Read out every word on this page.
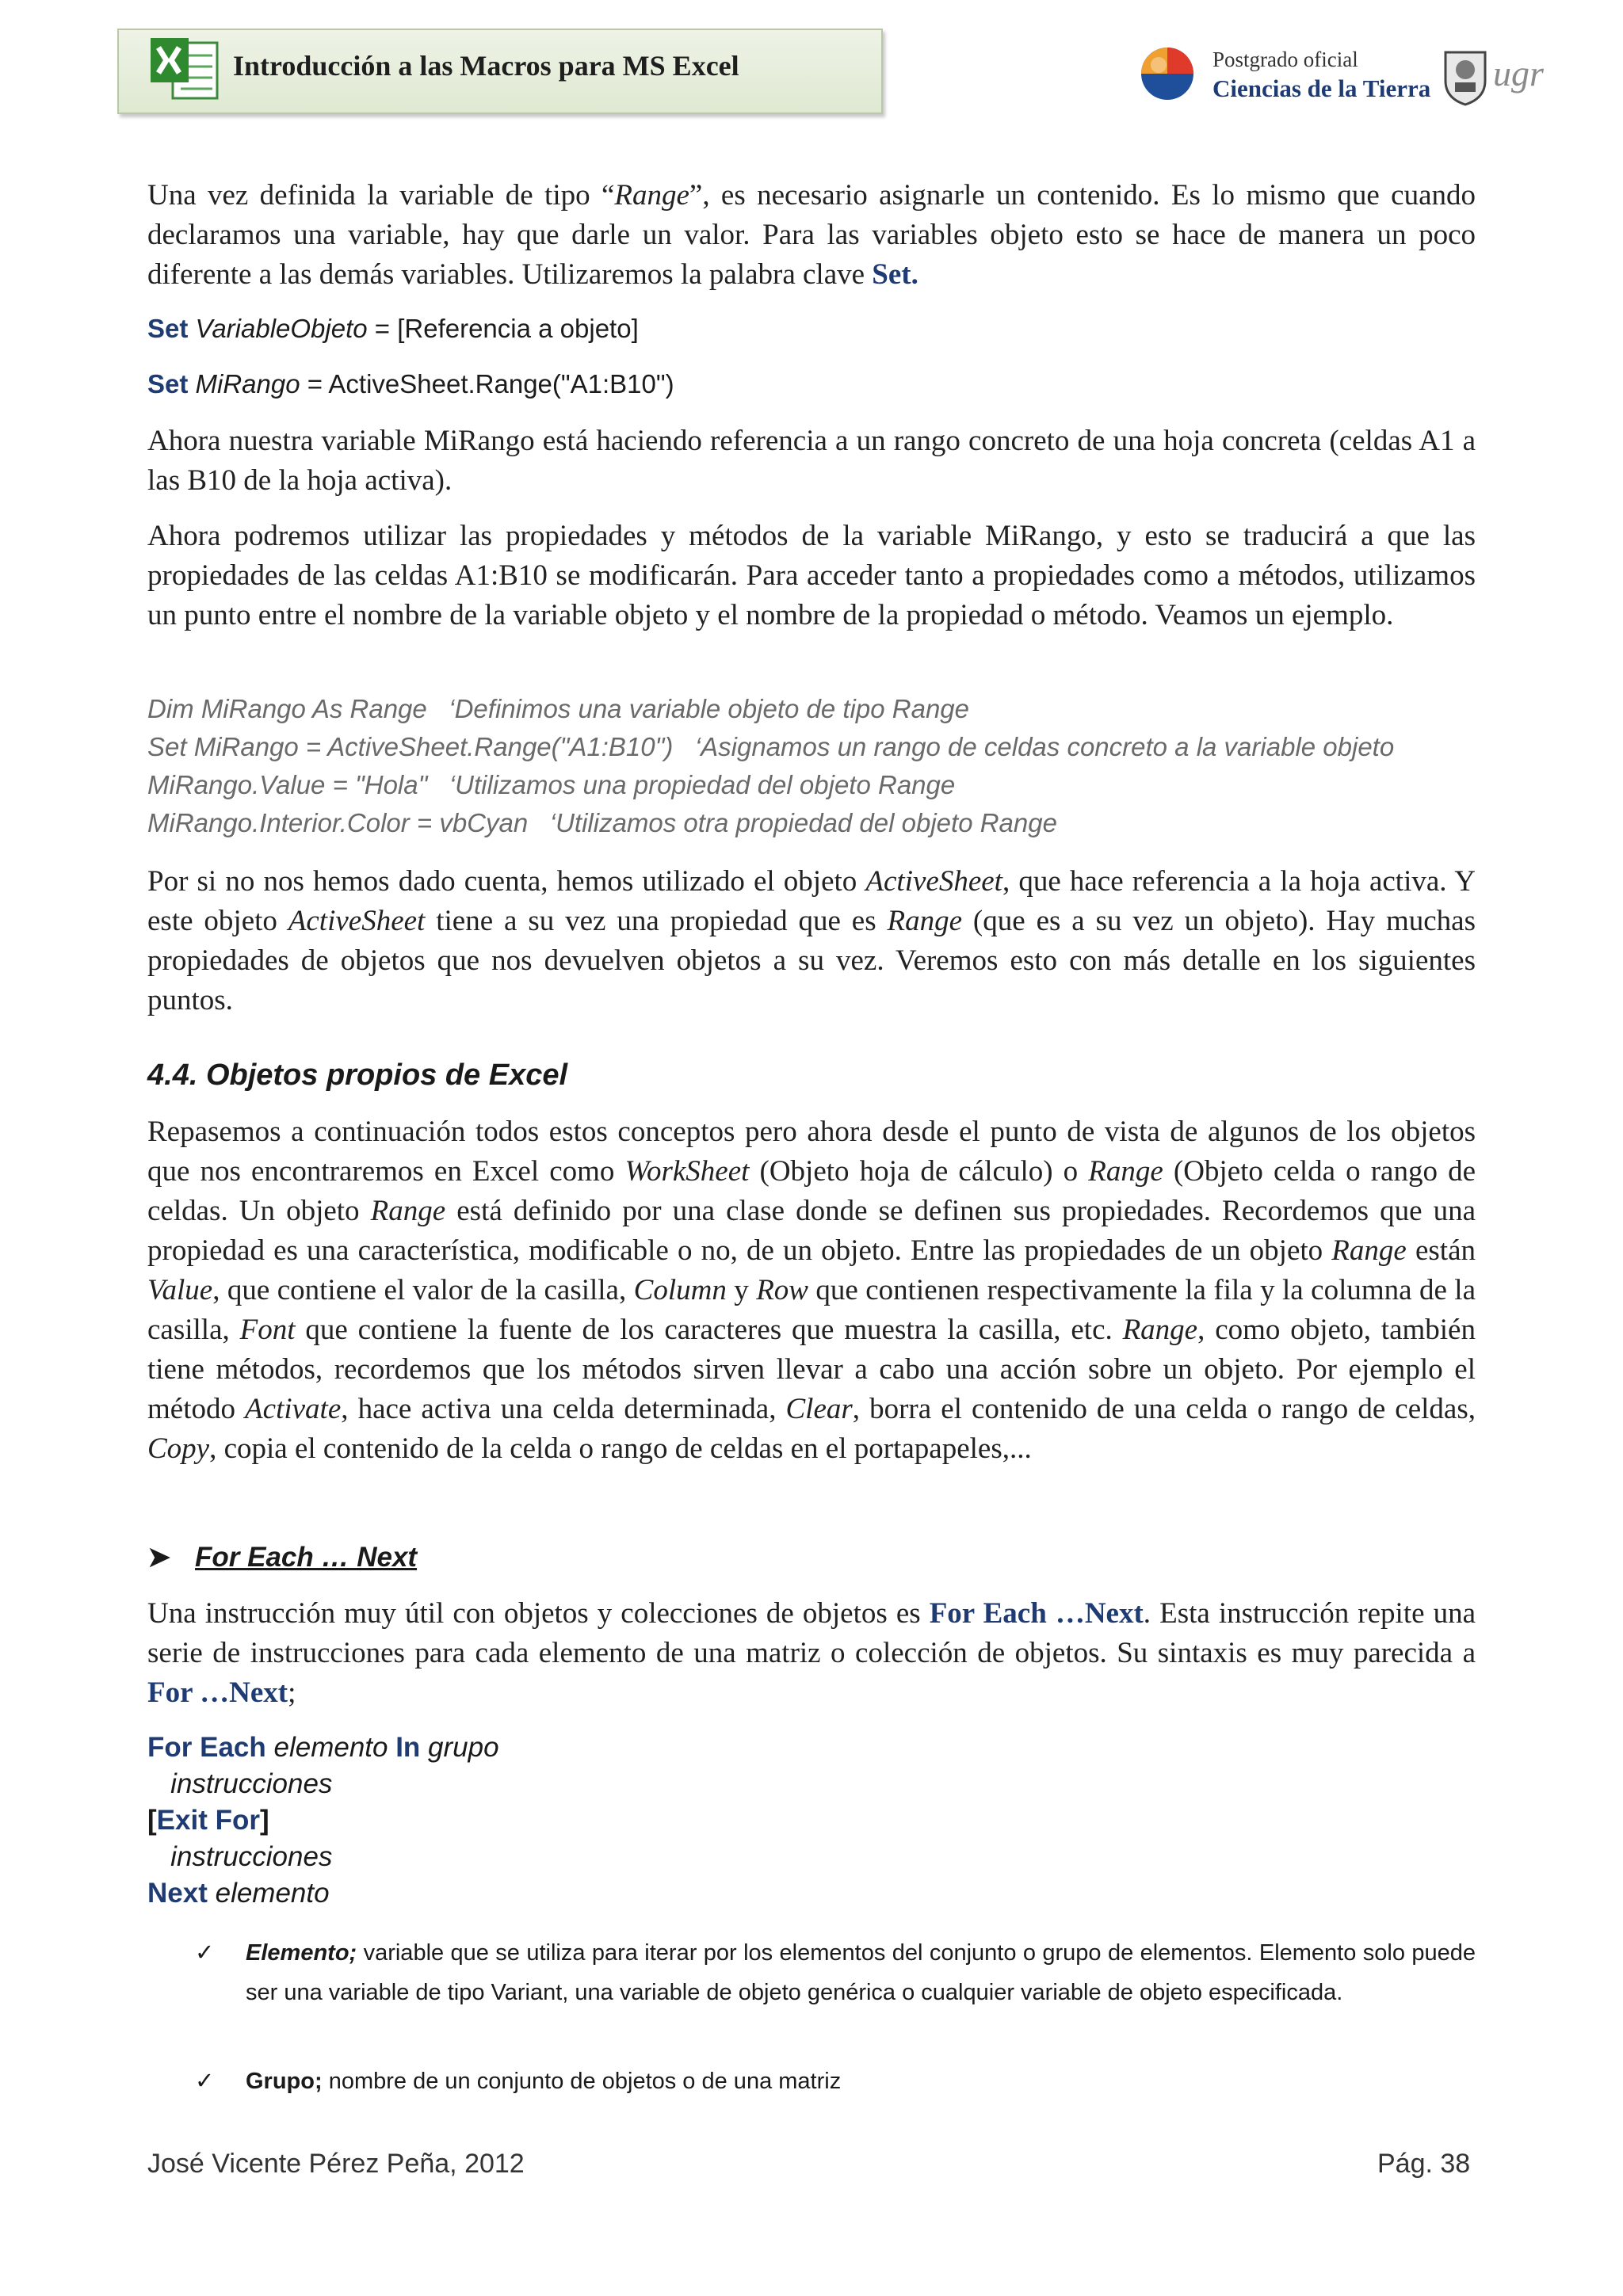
Introducción a las Macros para MS Excel	Postgrado oficial
Ciencias de la Tierra ugr
Una vez definida la variable de tipo “Range”, es necesario asignarle un contenido. Es lo mismo que cuando declaramos una variable, hay que darle un valor. Para las variables objeto esto se hace de manera un poco diferente a las demás variables. Utilizaremos la palabra clave Set.
Set VariableObjeto = [Referencia a objeto]
Set MiRango = ActiveSheet.Range("A1:B10")
Ahora nuestra variable MiRango está haciendo referencia a un rango concreto de una hoja concreta (celdas A1 a las B10 de la hoja activa).
Ahora podremos utilizar las propiedades y métodos de la variable MiRango, y esto se traducirá a que las propiedades de las celdas A1:B10 se modificarán. Para acceder tanto a propiedades como a métodos, utilizamos un punto entre el nombre de la variable objeto y el nombre de la propiedad o método. Veamos un ejemplo.
Dim MiRango As Range   ‘Definimos una variable objeto de tipo Range
Set MiRango = ActiveSheet.Range("A1:B10")   ‘Asignamos un rango de celdas concreto a la variable objeto
MiRango.Value = "Hola"   ‘Utilizamos una propiedad del objeto Range
MiRango.Interior.Color = vbCyan   ‘Utilizamos otra propiedad del objeto Range
Por si no nos hemos dado cuenta, hemos utilizado el objeto ActiveSheet, que hace referencia a la hoja activa. Y este objeto ActiveSheet tiene a su vez una propiedad que es Range (que es a su vez un objeto). Hay muchas propiedades de objetos que nos devuelven objetos a su vez. Veremos esto con más detalle en los siguientes puntos.
4.4. Objetos propios de Excel
Repasemos a continuación todos estos conceptos pero ahora desde el punto de vista de algunos de los objetos que nos encontraremos en Excel como WorkSheet (Objeto hoja de cálculo) o Range (Objeto celda o rango de celdas. Un objeto Range está definido por una clase donde se definen sus propiedades. Recordemos que una propiedad es una característica, modificable o no, de un objeto. Entre las propiedades de un objeto Range están Value, que contiene el valor de la casilla, Column y Row que contienen respectivamente la fila y la columna de la casilla, Font que contiene la fuente de los caracteres que muestra la casilla, etc. Range, como objeto, también tiene métodos, recordemos que los métodos sirven llevar a cabo una acción sobre un objeto. Por ejemplo el método Activate, hace activa una celda determinada, Clear, borra el contenido de una celda o rango de celdas, Copy, copia el contenido de la celda o rango de celdas en el portapapeles,...
➤ For Each … Next
Una instrucción muy útil con objetos y colecciones de objetos es For Each …Next. Esta instrucción repite una serie de instrucciones para cada elemento de una matriz o colección de objetos. Su sintaxis es muy parecida a For …Next;
For Each elemento In grupo
instrucciones
[Exit For]
instrucciones
Next elemento
✓ Elemento; variable que se utiliza para iterar por los elementos del conjunto o grupo de elementos. Elemento solo puede ser una variable de tipo Variant, una variable de objeto genérica o cualquier variable de objeto especificada.
✓ Grupo; nombre de un conjunto de objetos o de una matriz
José Vicente Pérez Peña, 2012	Pág. 38
